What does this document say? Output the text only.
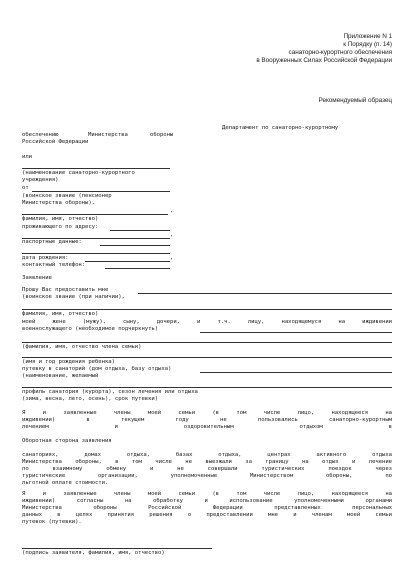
Приложение N 1
к Порядку (п. 14)
санаторно-курортного обеспечения
в Вооруженных Силах Российской Федерации
Рекомендуемый образец
Департамент по санаторно-курортному
обеспечению	Министерства	обороны
Российской Федерации
или
(наименование санаторно-курортного
учреждения)
от
(воинское звание (пенсионер
Министерства обороны),
,
фамилия, имя, отчество)
проживающего по адресу:
,
паспортные данные:
дата рождения:	,
контактный телефон:
Заявление
Прошу Вас предоставить мне
(воинское звание (при наличии),
фамилия, имя, отчество)
моей жене (мужу), сыну, дочери, и т.ч. лицу, находящемуся на иждивении
военнослужащего (необходимое подчеркнуть)
(фамилия, имя, отчество члена семьи)
(имя и год рождения ребенка)
путевку в санаторий (дом отдыха, базу отдыха)
(наименование, желаемый
профиль санатория (курорта), сезон лечения или отдыха
(зима, весна, лето, осень), срок путевки)
Я и заявленные члены моей семьи (в том числе лицо, находящееся на
иждивении) в текущем году не пользовались санаторно-курортным
лечением и оздоровительным отдыхом в
Оборотная сторона заявления
санаториях, домах отдыха, базах отдыха, центрах активного отдыха
Министерства обороны, в том числе не выезжали за границу на отдых и лечение
по взаимному обмену и не совершали туристических поездок через
туристические организации, уполномоченные Министерством обороны, по
льготной оплате стоимости.
Я и заявленные члены моей семьи (в том числе лицо, находящееся на
иждивении) согласны на обработку и использование уполномоченными органами
Министерства обороны Российской Федерации представленных персональных
данных в целях принятия решения о предоставлении мне и членам моей семьи
путевок (путевки).
(подпись заявителя, фамилия, имя, отчество)
